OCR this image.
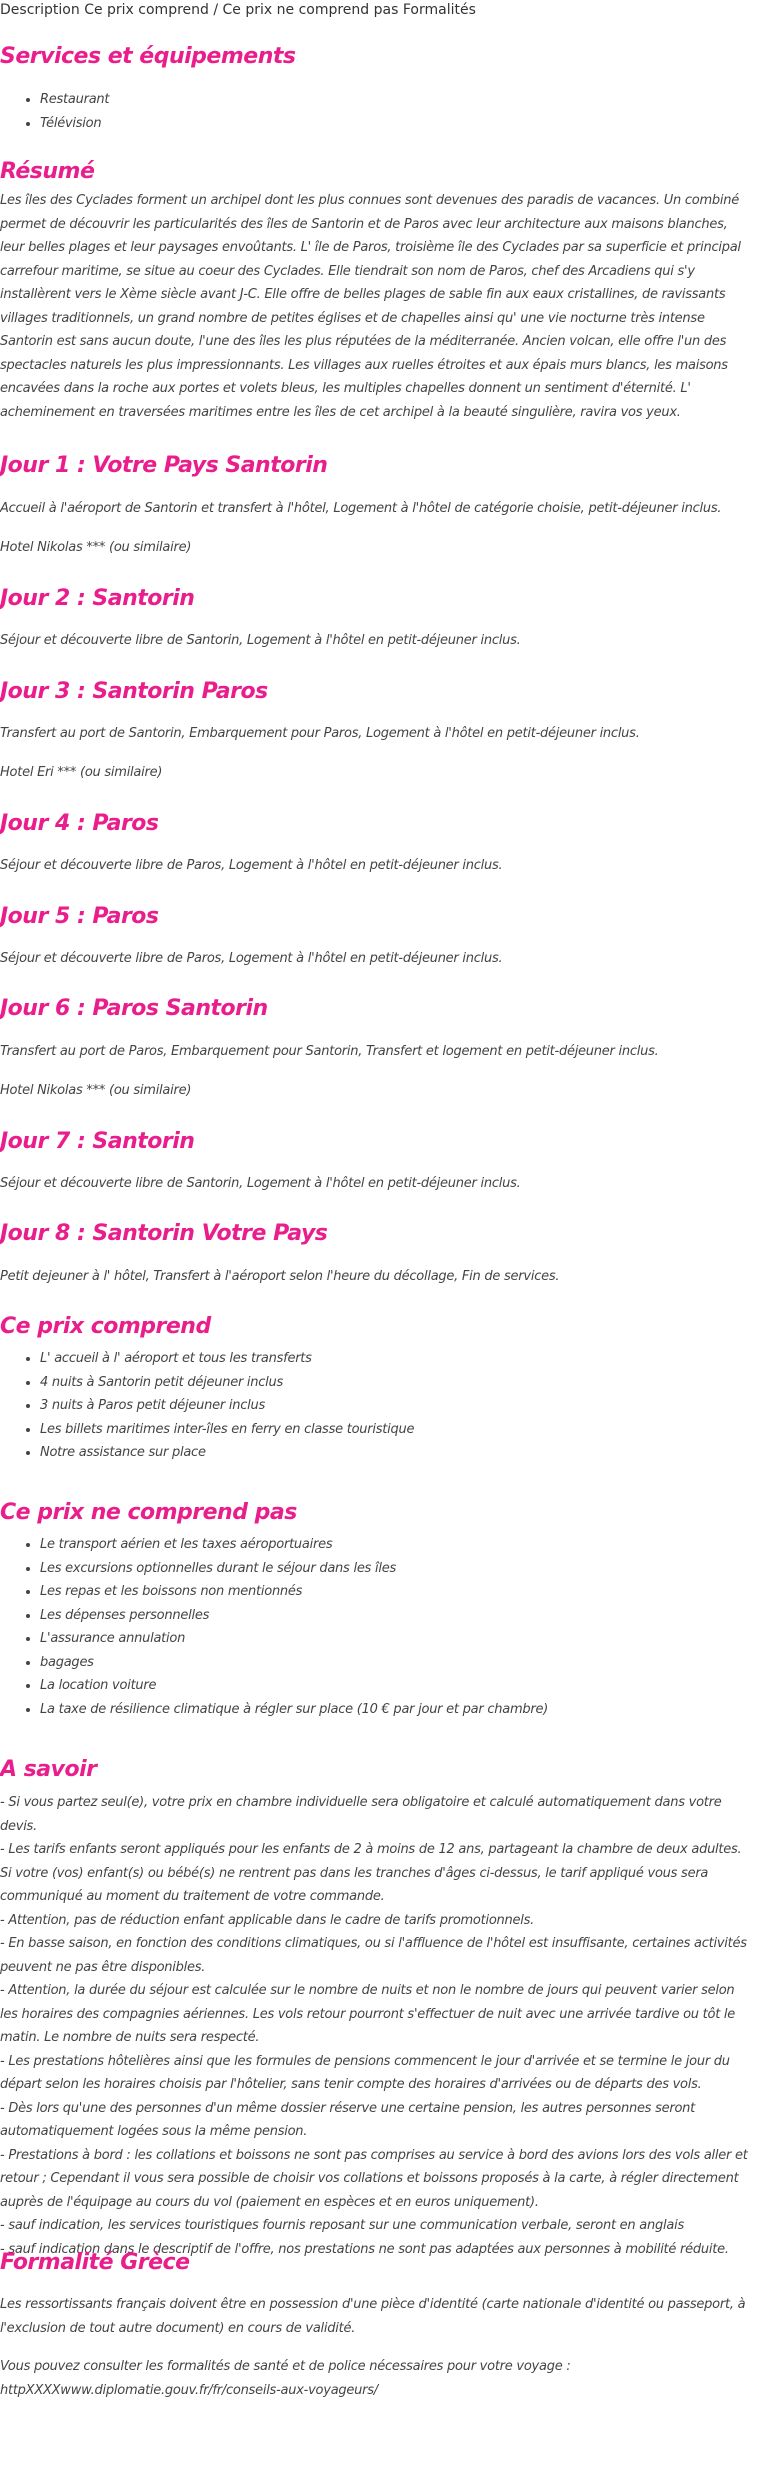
Description Ce prix comprend / Ce prix ne comprend pas Formalités
Services et équipements
• Restaurant
• Télévision
Résumé

Les îles des Cyclades forment un archipel dont les plus connues sont devenues des paradis de vacances. Un combiné permet de découvrir les particularités des îles de Santorin et de Paros avec leur architecture aux maisons blanches, leur belles plages et leur paysages envoûtants. L' île de Paros, troisième île des Cyclades par sa superficie et principal carrefour maritime, se situe au coeur des Cyclades. Elle tiendrait son nom de Paros, chef des Arcadiens qui s'y installèrent vers le Xème siècle avant J-C. Elle offre de belles plages de sable fin aux eaux cristallines, de ravissants villages traditionnels, un grand nombre de petites églises et de chapelles ainsi qu' une vie nocturne très intense Santorin est sans aucun doute, l'une des îles les plus réputées de la méditerranée. Ancien volcan, elle offre l'un des spectacles naturels les plus impressionnants. Les villages aux ruelles étroites et aux épais murs blancs, les maisons encavées dans la roche aux portes et volets bleus, les multiples chapelles donnent un sentiment d'éternité. L' acheminement en traversées maritimes entre les îles de cet archipel à la beauté singulière, ravira vos yeux.

Jour 1 : Votre Pays Santorin

Accueil à l'aéroport de Santorin et transfert à l'hôtel, Logement à l'hôtel de catégorie choisie, petit-déjeuner inclus.

Hotel Nikolas *** (ou similaire)

Jour 2 : Santorin

Séjour et découverte libre de Santorin, Logement à l'hôtel en petit-déjeuner inclus.

Jour 3 : Santorin Paros

Transfert au port de Santorin, Embarquement pour Paros, Logement à l'hôtel en petit-déjeuner inclus.

Hotel Eri *** (ou similaire)

Jour 4 : Paros

Séjour et découverte libre de Paros, Logement à l'hôtel en petit-déjeuner inclus.

Jour 5 : Paros

Séjour et découverte libre de Paros, Logement à l'hôtel en petit-déjeuner inclus.

Jour 6 : Paros Santorin

Transfert au port de Paros, Embarquement pour Santorin, Transfert et logement en petit-déjeuner inclus.

Hotel Nikolas *** (ou similaire)

Jour 7 : Santorin

Séjour et découverte libre de Santorin, Logement à l'hôtel en petit-déjeuner inclus.

Jour 8 : Santorin Votre Pays

Petit dejeuner à l' hôtel, Transfert à l'aéroport selon l'heure du décollage, Fin de services.

Ce prix comprend
• L' accueil à l' aéroport et tous les transferts
• 4 nuits à Santorin petit déjeuner inclus
• 3 nuits à Paros petit déjeuner inclus
• Les billets maritimes inter-îles en ferry en classe touristique
• Notre assistance sur place
Ce prix ne comprend pas
• Le transport aérien et les taxes aéroportuaires
• Les excursions optionnelles durant le séjour dans les îles
• Les repas et les boissons non mentionnés
• Les dépenses personnelles
• L'assurance annulation
• bagages
• La location voiture
• La taxe de résilience climatique à régler sur place (10 € par jour et par chambre)
A savoir
- Si vous partez seul(e), votre prix en chambre individuelle sera obligatoire et calculé automatiquement dans votre devis.
- Les tarifs enfants seront appliqués pour les enfants de 2 à moins de 12 ans, partageant la chambre de deux adultes. Si votre (vos) enfant(s) ou bébé(s) ne rentrent pas dans les tranches d'âges ci-dessus, le tarif appliqué vous sera communiqué au moment du traitement de votre commande.
- Attention, pas de réduction enfant applicable dans le cadre de tarifs promotionnels.
- En basse saison, en fonction des conditions climatiques, ou si l'affluence de l'hôtel est insuffisante, certaines activités peuvent ne pas être disponibles.
- Attention, la durée du séjour est calculée sur le nombre de nuits et non le nombre de jours qui peuvent varier selon les horaires des compagnies aériennes. Les vols retour pourront s'effectuer de nuit avec une arrivée tardive ou tôt le matin. Le nombre de nuits sera respecté.
- Les prestations hôtelières ainsi que les formules de pensions commencent le jour d'arrivée et se termine le jour du départ selon les horaires choisis par l'hôtelier, sans tenir compte des horaires d'arrivées ou de départs des vols.
- Dès lors qu'une des personnes d'un même dossier réserve une certaine pension, les autres personnes seront automatiquement logées sous la même pension.
- Prestations à bord : les collations et boissons ne sont pas comprises au service à bord des avions lors des vols aller et retour ; Cependant il vous sera possible de choisir vos collations et boissons proposés à la carte, à régler directement auprès de l'équipage au cours du vol (paiement en espèces et en euros uniquement).
- sauf indication, les services touristiques fournis reposant sur une communication verbale, seront en anglais
- sauf indication dans le descriptif de l'offre, nos prestations ne sont pas adaptées aux personnes à mobilité réduite.
Formalité Grèce

Les ressortissants français doivent être en possession d'une pièce d'identité (carte nationale d'identité ou passeport, à l'exclusion de tout autre document) en cours de validité.

Vous pouvez consulter les formalités de santé et de police nécessaires pour votre voyage :
httpXXXXwww.diplomatie.gouv.fr/fr/conseils-aux-voyageurs/
